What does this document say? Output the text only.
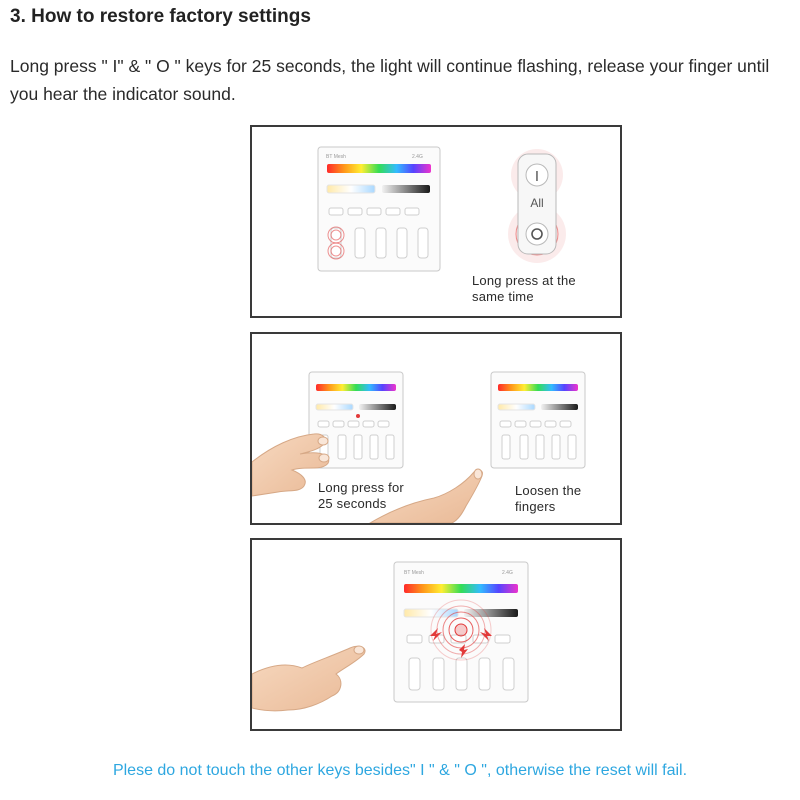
3. How to restore factory settings
Long press " I" & " O " keys for 25 seconds, the light will continue flashing, release your finger until you hear the indicator sound.
BT Mesh	2.4G
I
All
Long press at the
same time
Long press for
25 seconds
Loosen the
fingers
BT Mesh	2.4G
Plese do not touch the other keys besides" I " & " O ", otherwise the reset will fail.
